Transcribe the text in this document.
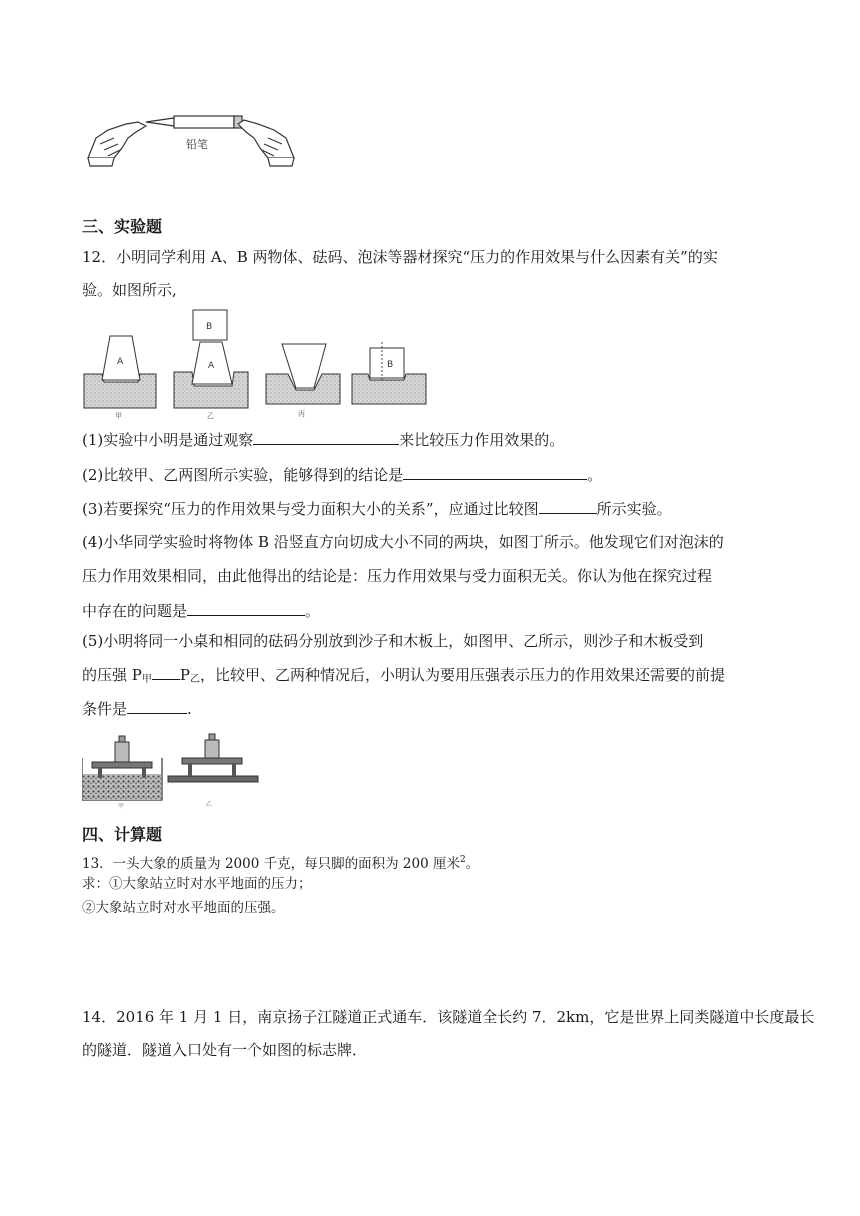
铅笔
三、实验题
12．小明同学利用 A、B 两物体、砝码、泡沫等器材探究“压力的作用效果与什么因素有关”的实
验。如图所示,
A
甲
B
A
乙	丙
B
(1)实验中小明是通过观察	来比较压力作用效果的。
(2)比较甲、乙两图所示实验，能够得到的结论是	。
(3)若要探究“压力的作用效果与受力面积大小的关系”，应通过比较图	所示实验。
(4)小华同学实验时将物体 B 沿竖直方向切成大小不同的两块，如图丁所示。他发现它们对泡沫的
压力作用效果相同，由此他得出的结论是：压力作用效果与受力面积无关。你认为他在探究过程
中存在的问题是	。
(5)小明将同一小桌和相同的砝码分别放到沙子和木板上，如图甲、乙所示，则沙子和木板受到
的压强 $P_甲$ $P_乙$，比较甲、乙两种情况后，小明认为要用压强表示压力的作用效果还需要的前提
条件是	.
甲	乙
四、计算题
13．一头大象的质量为 2000 千克，每只脚的面积为 200 厘米$^2$。
求：①大象站立时对水平地面的压力；
②大象站立时对水平地面的压强。
14．2016 年 1 月 1 日，南京扬子江隧道正式通车．该隧道全长约 7．2km，它是世界上同类隧道中长度最长
的隧道．隧道入口处有一个如图的标志牌．
